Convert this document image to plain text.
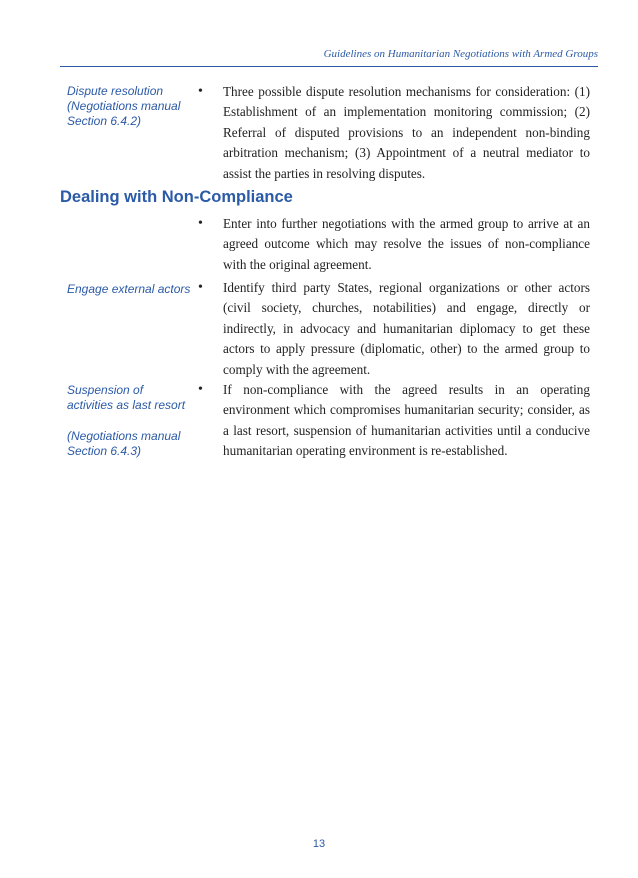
Guidelines on Humanitarian Negotiations with Armed Groups
Dispute resolution
(Negotiations manual Section 6.4.2)
• Three possible dispute resolution mechanisms for consideration: (1) Establishment of an implementation monitoring commission; (2) Referral of disputed provisions to an independent non-binding arbitration mechanism; (3) Appointment of a neutral mediator to assist the parties in resolving disputes.
Dealing with Non-Compliance
• Enter into further negotiations with the armed group to arrive at an agreed outcome which may resolve the issues of non-compliance with the original agreement.
Engage external actors • Identify third party States, regional organizations or other actors (civil society, churches, notabilities) and engage, directly or indirectly, in advocacy and humanitarian diplomacy to get these actors to apply pressure (diplomatic, other) to the armed group to comply with the agreement.
Suspension of activities as last resort
(Negotiations manual Section 6.4.3)
• If non-compliance with the agreed results in an operating environment which compromises humanitarian security; consider, as a last resort, suspension of humanitarian activities until a conducive humanitarian operating environment is re-established.
13
